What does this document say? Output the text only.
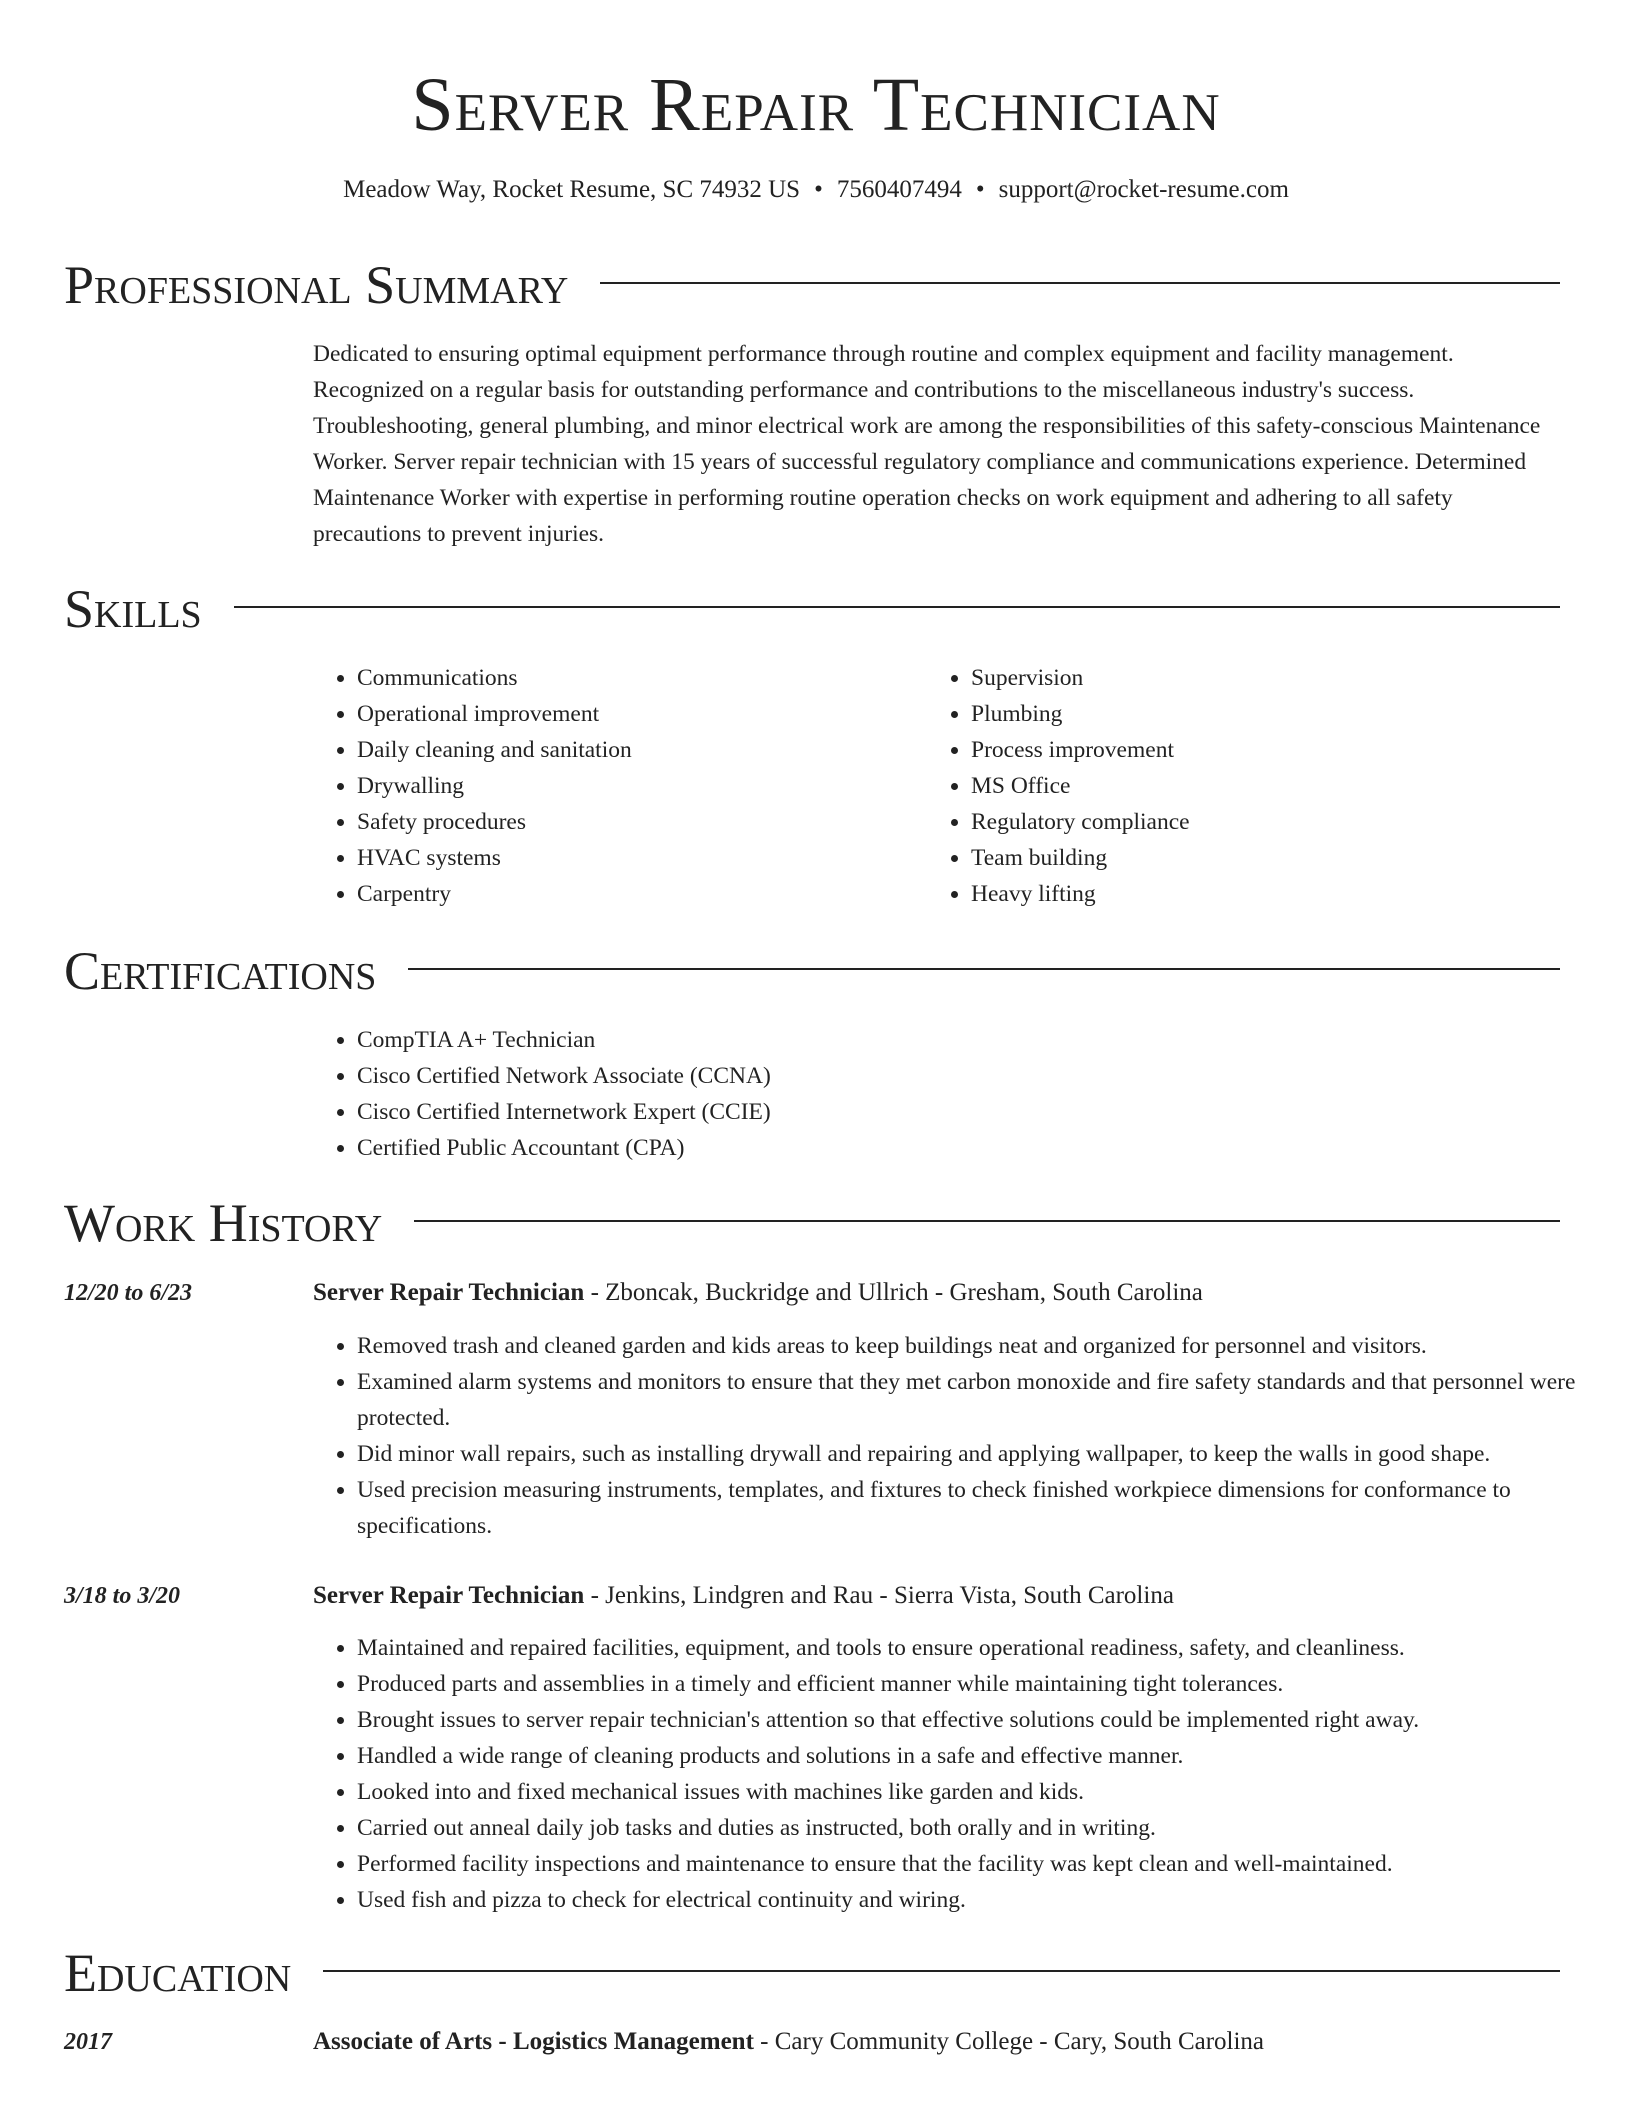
Server Repair Technician
Meadow Way, Rocket Resume, SC 74932 US • 7560407494 • support@rocket-resume.com
Professional Summary
Dedicated to ensuring optimal equipment performance through routine and complex equipment and facility management. Recognized on a regular basis for outstanding performance and contributions to the miscellaneous industry's success. Troubleshooting, general plumbing, and minor electrical work are among the responsibilities of this safety-conscious Maintenance Worker. Server repair technician with 15 years of successful regulatory compliance and communications experience. Determined Maintenance Worker with expertise in performing routine operation checks on work equipment and adhering to all safety precautions to prevent injuries.
Skills
• Communications
• Operational improvement
• Daily cleaning and sanitation
• Drywalling
• Safety procedures
• HVAC systems
• Carpentry
• Supervision
• Plumbing
• Process improvement
• MS Office
• Regulatory compliance
• Team building
• Heavy lifting
Certifications
• CompTIA A+ Technician
• Cisco Certified Network Associate (CCNA)
• Cisco Certified Internetwork Expert (CCIE)
• Certified Public Accountant (CPA)
Work History
12/20 to 6/23	Server Repair Technician - Zboncak, Buckridge and Ullrich - Gresham, South Carolina
• Removed trash and cleaned garden and kids areas to keep buildings neat and organized for personnel and visitors.
• Examined alarm systems and monitors to ensure that they met carbon monoxide and fire safety standards and that personnel were protected.
• Did minor wall repairs, such as installing drywall and repairing and applying wallpaper, to keep the walls in good shape.
• Used precision measuring instruments, templates, and fixtures to check finished workpiece dimensions for conformance to specifications.
3/18 to 3/20	Server Repair Technician - Jenkins, Lindgren and Rau - Sierra Vista, South Carolina
• Maintained and repaired facilities, equipment, and tools to ensure operational readiness, safety, and cleanliness.
• Produced parts and assemblies in a timely and efficient manner while maintaining tight tolerances.
• Brought issues to server repair technician's attention so that effective solutions could be implemented right away.
• Handled a wide range of cleaning products and solutions in a safe and effective manner.
• Looked into and fixed mechanical issues with machines like garden and kids.
• Carried out anneal daily job tasks and duties as instructed, both orally and in writing.
• Performed facility inspections and maintenance to ensure that the facility was kept clean and well-maintained.
• Used fish and pizza to check for electrical continuity and wiring.
Education
2017	Associate of Arts - Logistics Management - Cary Community College - Cary, South Carolina
